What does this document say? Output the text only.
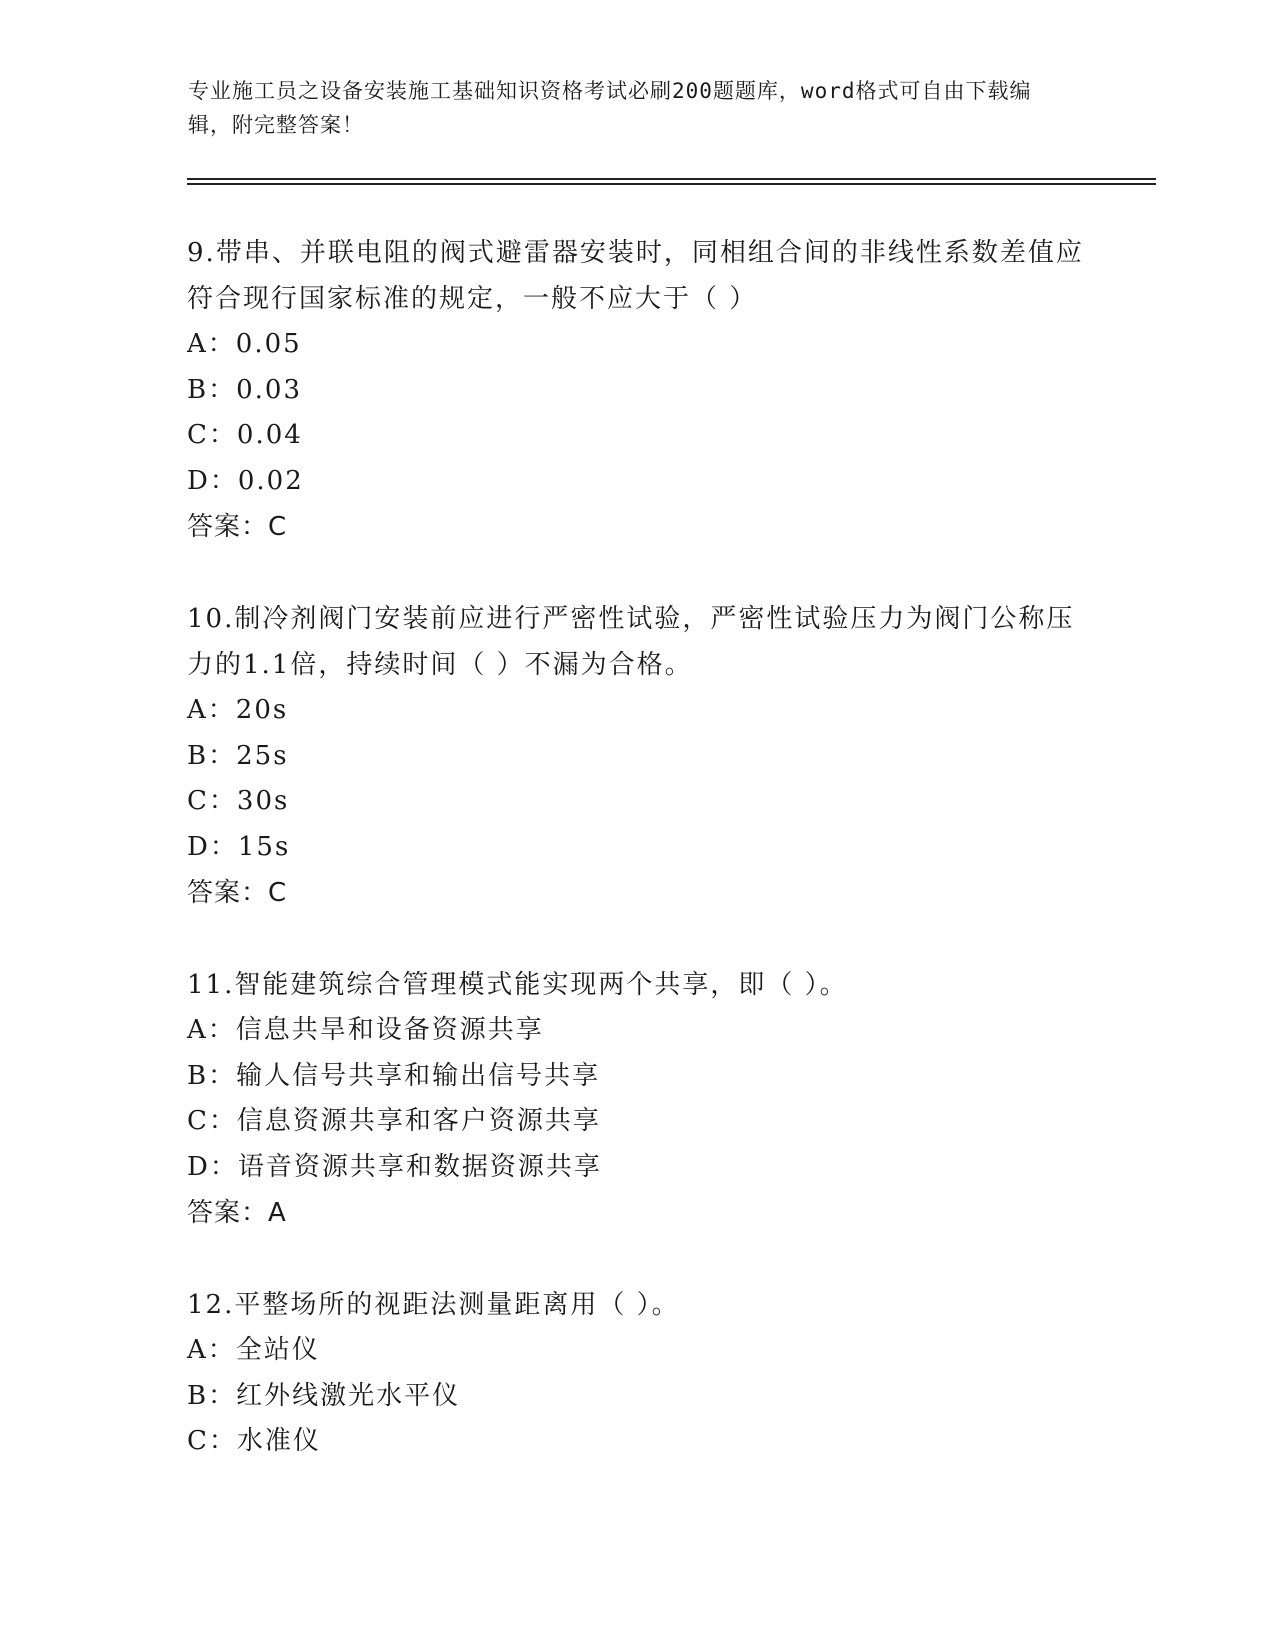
专业施工员之设备安装施工基础知识资格考试必刷200题题库，word格式可自由下载编辑，附完整答案！

9.带串、并联电阻的阀式避雷器安装时，同相组合间的非线性系数差值应符合现行国家标准的规定，一般不应大于（ ）

A：0.05

B：0.03

C：0.04

D：0.02

答案：C

10.制冷剂阀门安装前应进行严密性试验，严密性试验压力为阀门公称压力的1.1倍，持续时间（ ）不漏为合格。

A：20s

B：25s

C：30s

D：15s

答案：C

11.智能建筑综合管理模式能实现两个共享，即（ ）。

A：信息共旱和设备资源共享

B：输人信号共享和输出信号共享

C：信息资源共享和客户资源共享

D：语音资源共享和数据资源共享

答案：A

12.平整场所的视距法测量距离用（ ）。

A：全站仪

B：红外线激光水平仪

C：水准仪
